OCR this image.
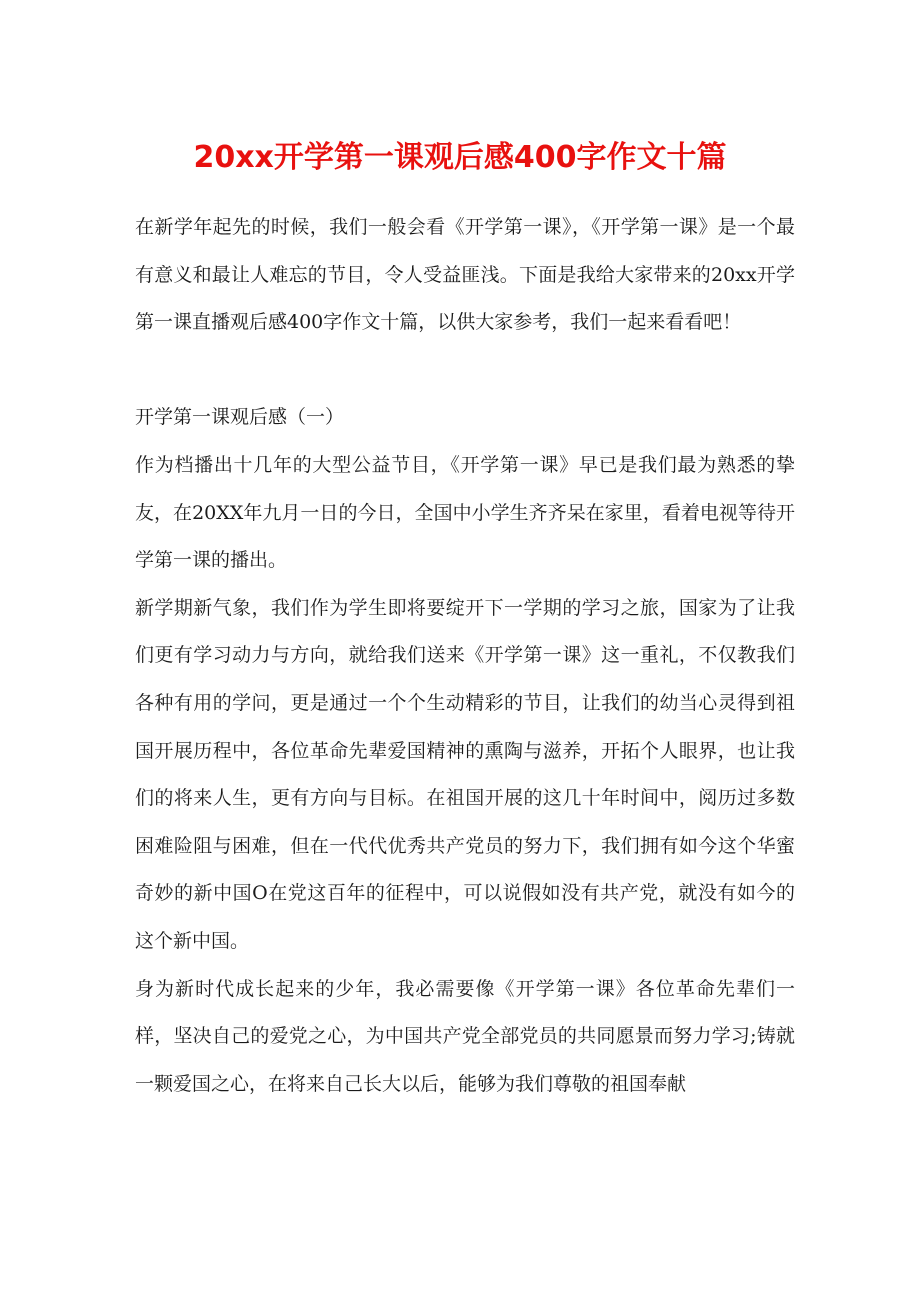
20xx开学第一课观后感400字作文十篇

在新学年起先的时候，我们一般会看《开学第一课》，《开学第一课》是一个最有意义和最让人难忘的节目，令人受益匪浅。下面是我给大家带来的20xx开学第一课直播观后感400字作文十篇，以供大家参考，我们一起来看看吧！

开学第一课观后感（一）

作为档播出十几年的大型公益节目，《开学第一课》早已是我们最为熟悉的挚友，在20XX年九月一日的今日，全国中小学生齐齐呆在家里，看着电视等待开学第一课的播出。

新学期新气象，我们作为学生即将要绽开下一学期的学习之旅，国家为了让我们更有学习动力与方向，就给我们送来《开学第一课》这一重礼，不仅教我们各种有用的学问，更是通过一个个生动精彩的节目，让我们的幼当心灵得到祖国开展历程中，各位革命先辈爱国精神的熏陶与滋养，开拓个人眼界，也让我们的将来人生，更有方向与目标。在祖国开展的这几十年时间中，阅历过多数困难险阻与困难，但在一代代优秀共产党员的努力下，我们拥有如今这个华蜜奇妙的新中国O在党这百年的征程中，可以说假如没有共产党，就没有如今的这个新中国。

身为新时代成长起来的少年，我必需要像《开学第一课》各位革命先辈们一样，坚决自己的爱党之心，为中国共产党全部党员的共同愿景而努力学习;铸就一颗爱国之心，在将来自己长大以后，能够为我们尊敬的祖国奉献
